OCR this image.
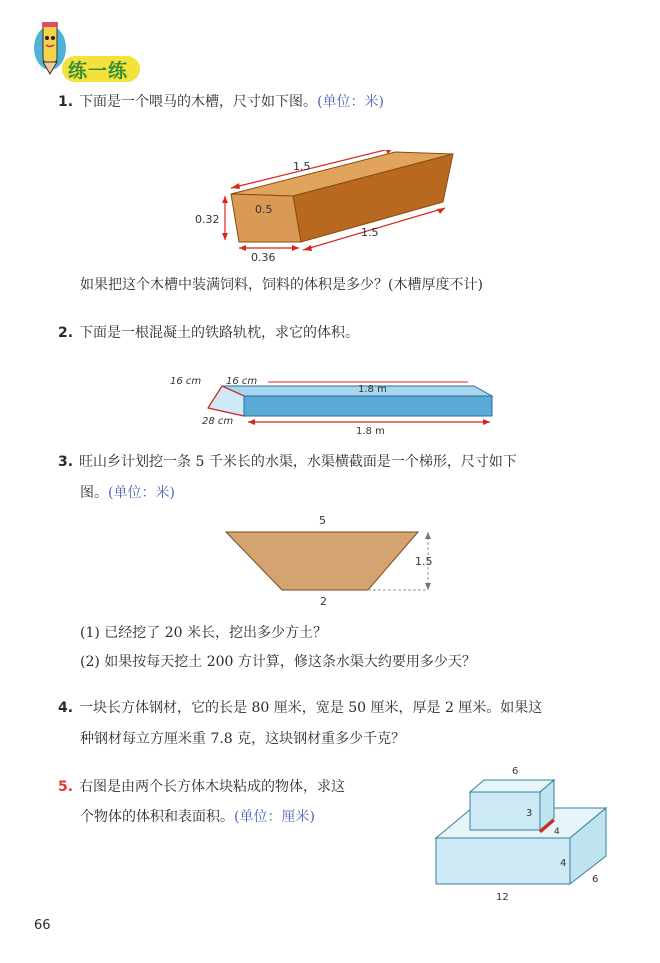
练一练
1. 下面是一个喂马的木槽，尺寸如下图。(单位：米)
1.5
0.5
0.32
0.36
1.5
如果把这个木槽中装满饲料，饲料的体积是多少？(木槽厚度不计)
2. 下面是一根混凝土的铁路轨枕，求它的体积。
16 cm 16 cm
28 cm
1.8 m
1.8 m
3. 旺山乡计划挖一条 5 千米长的水渠，水渠横截面是一个梯形，尺寸如下
图。(单位：米)
5
1.5
2
(1) 已经挖了 20 米长，挖出多少方土？
(2) 如果按每天挖土 200 方计算，修这条水渠大约要用多少天？
4. 一块长方体钢材，它的长是 80 厘米，宽是 50 厘米，厚是 2 厘米。如果这
种钢材每立方厘米重 7.8 克，这块钢材重多少千克？
5. 右图是由两个长方体木块粘成的物体，求这
个物体的体积和表面积。(单位：厘米)
6
3
4
4
6
12
66
